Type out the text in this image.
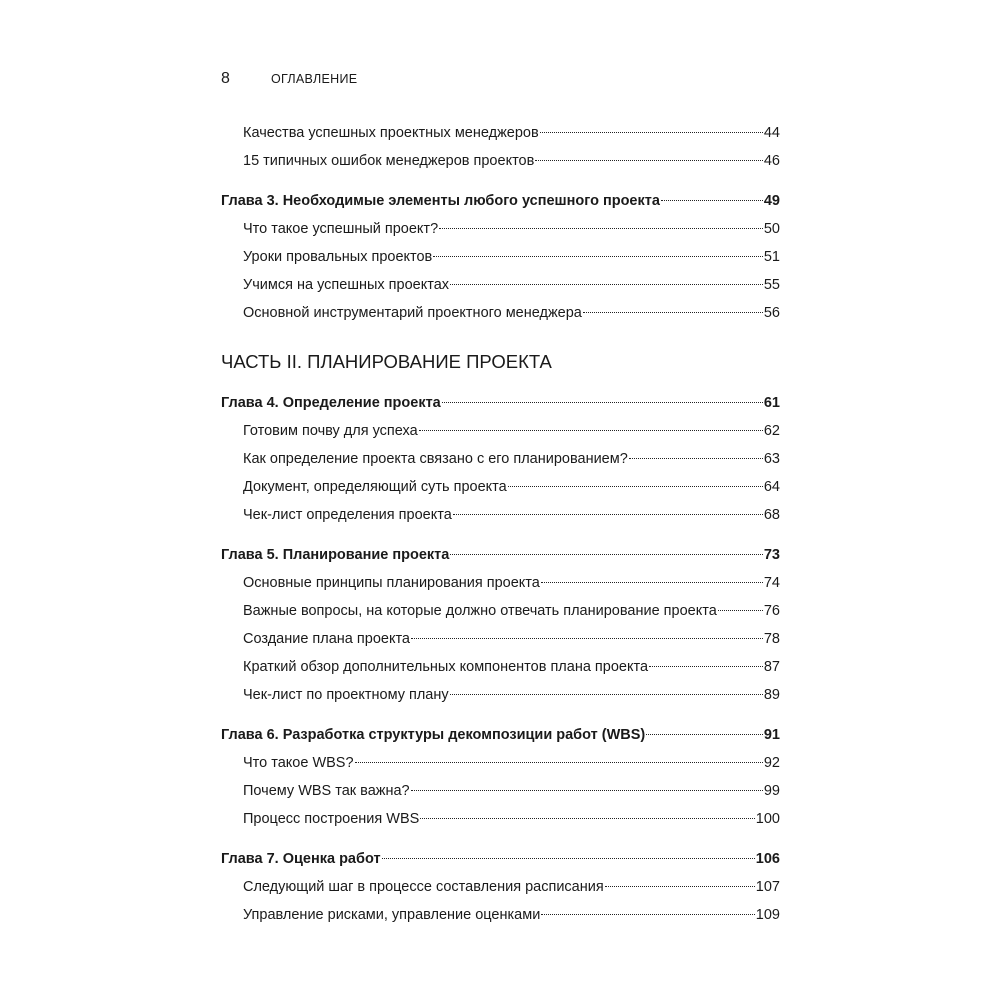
8	ОГЛАВЛЕНИЕ
Качества успешных проектных менеджеров	44
15 типичных ошибок менеджеров проектов	46
Глава 3. Необходимые элементы любого успешного проекта	49
Что такое успешный проект?	50
Уроки провальных проектов	51
Учимся на успешных проектах	55
Основной инструментарий проектного менеджера	56
ЧАСТЬ II. ПЛАНИРОВАНИЕ ПРОЕКТА
Глава 4. Определение проекта	61
Готовим почву для успеха	62
Как определение проекта связано с его планированием?	63
Документ, определяющий суть проекта	64
Чек-лист определения проекта	68
Глава 5. Планирование проекта	73
Основные принципы планирования проекта	74
Важные вопросы, на которые должно отвечать планирование проекта	76
Создание плана проекта	78
Краткий обзор дополнительных компонентов плана проекта	87
Чек-лист по проектному плану	89
Глава 6. Разработка структуры декомпозиции работ (WBS)	91
Что такое WBS?	92
Почему WBS так важна?	99
Процесс построения WBS	100
Глава 7. Оценка работ	106
Следующий шаг в процессе составления расписания	107
Управление рисками, управление оценками	109
